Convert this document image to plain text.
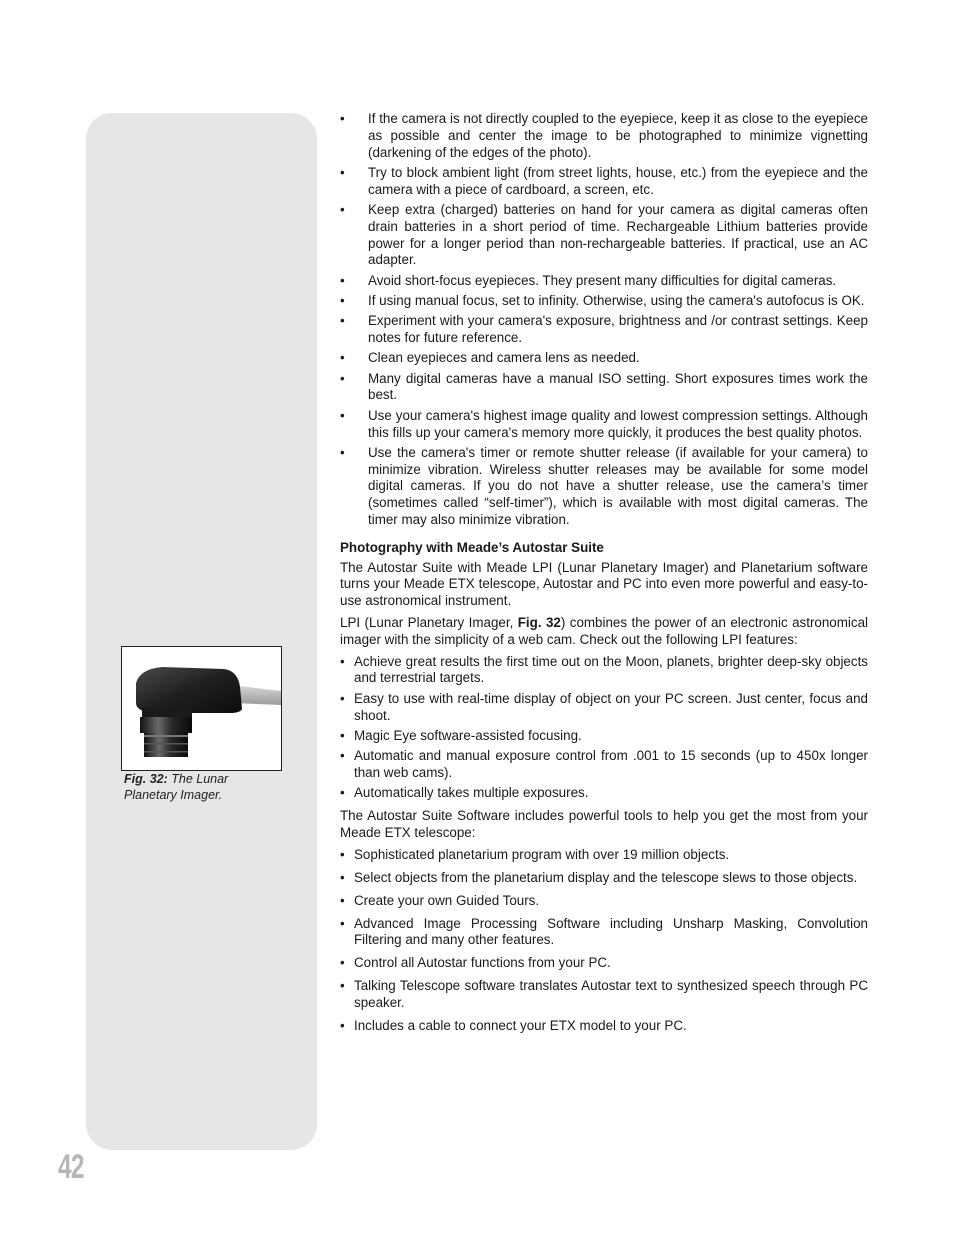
Fig. 32: The Lunar Planetary Imager.
42
• If the camera is not directly coupled to the eyepiece, keep it as close to the eyepiece as possible and center the image to be photographed to minimize vignetting (darkening of the edges of the photo).
• Try to block ambient light (from street lights, house, etc.) from the eyepiece and the camera with a piece of cardboard, a screen, etc.
• Keep extra (charged) batteries on hand for your camera as digital cameras often drain batteries in a short period of time. Rechargeable Lithium batteries provide power for a longer period than non-rechargeable batteries. If practical, use an AC adapter.
• Avoid short-focus eyepieces. They present many difficulties for digital cameras.
• If using manual focus, set to infinity. Otherwise, using the camera's autofocus is OK.
• Experiment with your camera's exposure, brightness and /or contrast settings. Keep notes for future reference.
• Clean eyepieces and camera lens as needed.
• Many digital cameras have a manual ISO setting. Short exposures times work the best.
• Use your camera's highest image quality and lowest compression settings. Although this fills up your camera's memory more quickly, it produces the best quality photos.
• Use the camera's timer or remote shutter release (if available for your camera) to minimize vibration. Wireless shutter releases may be available for some model digital cameras. If you do not have a shutter release, use the camera’s timer (sometimes called “self-timer”), which is available with most digital cameras. The timer may also minimize vibration.
Photography with Meade’s Autostar Suite

The Autostar Suite with Meade LPI (Lunar Planetary Imager) and Planetarium software turns your Meade ETX telescope, Autostar and PC into even more powerful and easy-to-use astronomical instrument.

LPI (Lunar Planetary Imager, Fig. 32) combines the power of an electronic astronomical imager with the simplicity of a web cam. Check out the following LPI features:

• Achieve great results the first time out on the Moon, planets, brighter deep-sky objects and terrestrial targets.
• Easy to use with real-time display of object on your PC screen. Just center, focus and shoot.
• Magic Eye software-assisted focusing.
• Automatic and manual exposure control from .001 to 15 seconds (up to 450x longer than web cams).
• Automatically takes multiple exposures.

The Autostar Suite Software includes powerful tools to help you get the most from your Meade ETX telescope:

• Sophisticated planetarium program with over 19 million objects.
• Select objects from the planetarium display and the telescope slews to those objects.
• Create your own Guided Tours.
• Advanced Image Processing Software including Unsharp Masking, Convolution Filtering and many other features.
• Control all Autostar functions from your PC.
• Talking Telescope software translates Autostar text to synthesized speech through PC speaker.
• Includes a cable to connect your ETX model to your PC.
